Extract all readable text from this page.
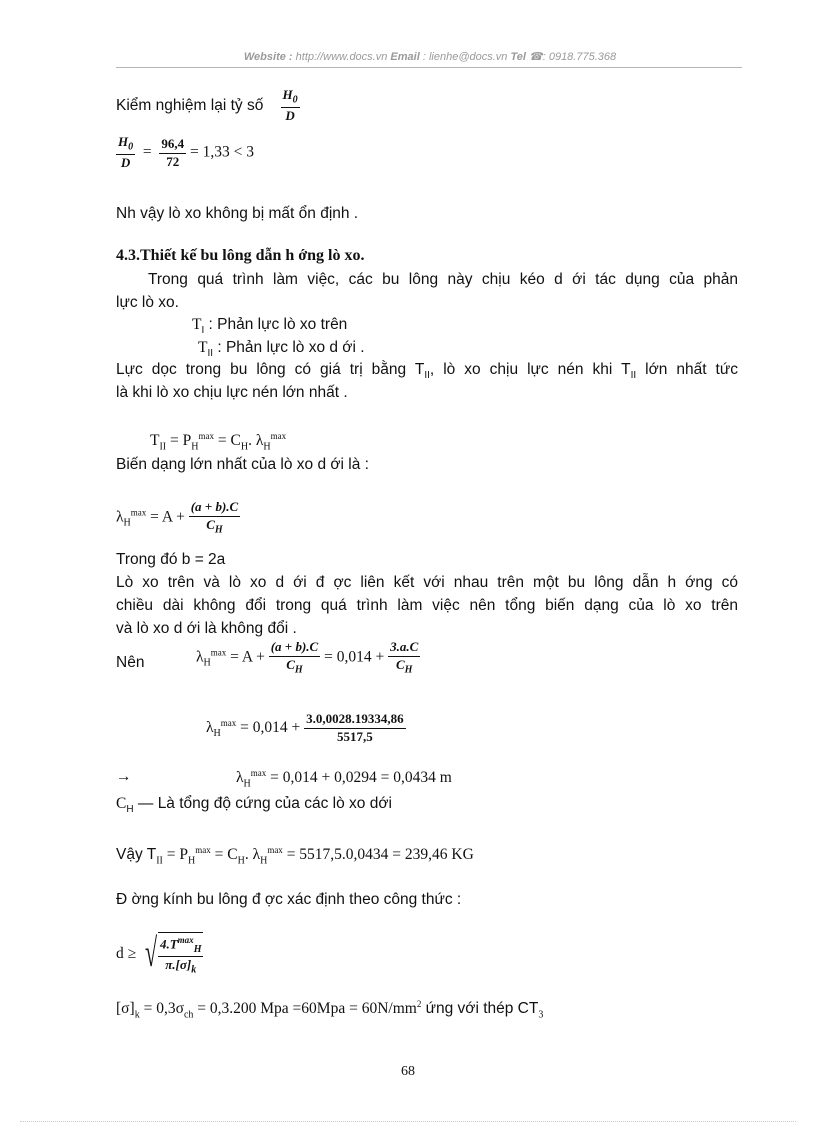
Website : http://www.docs.vn Email : lienhe@docs.vn Tel ☎: 0918.775.368
Kiểm nghiệm lại tỷ số $\frac{H_0}{D}$
$\frac{H_0}{D} = \frac{96,4}{72} = 1,33 < 3$
Nh vậy lò xo không bị mất ổn định .
4.3.Thiết kế bu lông dẫn h ớng lò xo.
Trong quá trình làm việc, các bu lông này chịu kéo d ới tác dụng của phản
lực lò xo.
$T_I$ : Phản lực lò xo trên
$T_{II}$ : Phản lực lò xo d ới .
Lực dọc trong bu lông có giá trị bằng $T_{II}$, lò xo chịu lực nén khi $T_{II}$ lớn nhất tức
là khi lò xo chịu lực nén lớn nhất .
$T_{II} = P_H^{max} = C_H$. $\lambda_H^{max}$
Biến dạng lớn nhất của lò xo d ới là :
$\lambda_H^{max} = A + \frac{(a + b).C}{C_H}$
Trong đó b = 2a
Lò xo trên và lò xo d ới đ ợc liên kết với nhau trên một bu lông dẫn h ớng có
chiều dài không đổi trong quá trình làm việc nên tổng biến dạng của lò xo trên
và lò xo d ới là không đổi .
Nên	$\lambda_H^{max} = A + \frac{(a + b).C}{C_H} = 0,014 + \frac{3.a.C}{C_H}$
$\lambda_H^{max} = 0,014 + \frac{3.0,0028.19334,86}{5517,5}$
→	$\lambda_H^{max} = 0,014 + 0,0294 = 0,0434$ m
$C_H$ — Là tổng độ cứng của các lò xo dới
Vậy $T_{II} = P_H^{max} = C_H$. $\lambda_H^{max} = 5517,5.0,0434 = 239,46$ KG
Đ ờng kính bu lông đ ợc xác định theo công thức :
d ≥ √ $\frac{4.T^{max}_H}{\pi.[\sigma]_k}$
$[\sigma]_k = 0,3\sigma_{ch} = 0,3.200$ Mpa $=60Mpa = 60N/mm^2$ ứng với thép $CT_3$
68
